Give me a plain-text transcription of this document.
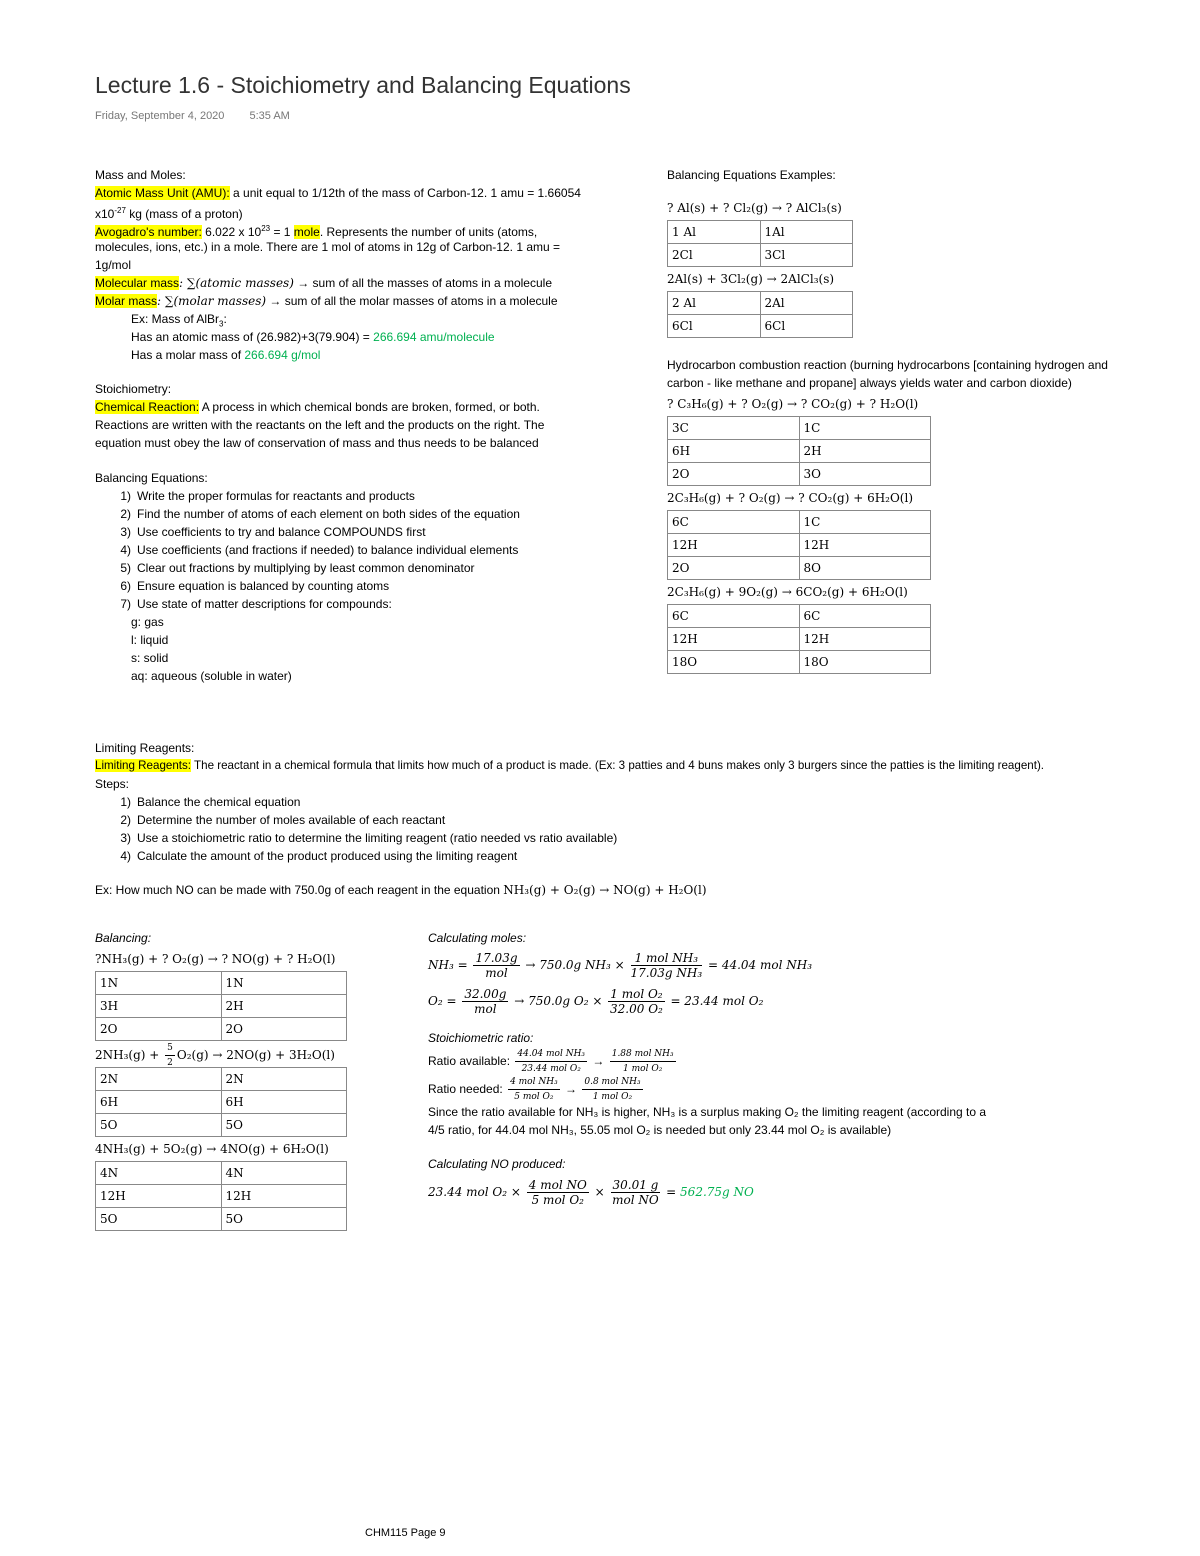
Lecture 1.6 - Stoichiometry and Balancing Equations
Friday, September 4, 2020 5:35 AM
Mass and Moles:
Atomic Mass Unit (AMU): a unit equal to 1/12th of the mass of Carbon-12. 1 amu = 1.66054
$x10^{-27}$ kg (mass of a proton)
Avogadro's number: 6.022 x $10^{23} = 1$ mole. Represents the number of units (atoms,
molecules, ions, etc.) in a mole. There are 1 mol of atoms in 12g of Carbon-12. 1 amu =
1g/mol
Molecular mass: ∑(atomic masses) → sum of all the masses of atoms in a molecule
Molar mass: ∑(molar masses) → sum of all the molar masses of atoms in a molecule
Ex: Mass of AlBr$_3$:
Has an atomic mass of (26.982)+3(79.904) = 266.694 amu/molecule
Has a molar mass of 266.694 g/mol
Stoichiometry:
Chemical Reaction: A process in which chemical bonds are broken, formed, or both.
Reactions are written with the reactants on the left and the products on the right. The
equation must obey the law of conservation of mass and thus needs to be balanced
Balancing Equations:
1) Write the proper formulas for reactants and products
2) Find the number of atoms of each element on both sides of the equation
3) Use coefficients to try and balance COMPOUNDS first
4) Use coefficients (and fractions if needed) to balance individual elements
5) Clear out fractions by multiplying by least common denominator
6) Ensure equation is balanced by counting atoms
7) Use state of matter descriptions for compounds:
g: gas
l: liquid
s: solid
aq: aqueous (soluble in water)
Balancing Equations Examples:
? Al(s) + ? Cl₂(g) → ? AlCl₃(s)
1 Al	1Al
2Cl	3Cl
2Al(s) + 3Cl₂(g) → 2AlCl₃(s)
2 Al	2Al
6Cl	6Cl
Hydrocarbon combustion reaction (burning hydrocarbons [containing hydrogen and
carbon - like methane and propane] always yields water and carbon dioxide)
? C₃H₆(g) + ? O₂(g) → ? CO₂(g) + ? H₂O(l)
3C	1C
6H	2H
2O	3O
2C₃H₆(g) + ? O₂(g) → ? CO₂(g) + 6H₂O(l)
6C	1C
12H	12H
2O	8O
2C₃H₆(g) + 9O₂(g) → 6CO₂(g) + 6H₂O(l)
6C	6C
12H	12H
18O	18O
Limiting Reagents:
Limiting Reagents: The reactant in a chemical formula that limits how much of a product is made. (Ex: 3 patties and 4 buns makes only 3 burgers since the patties is the limiting reagent).
Steps:
1) Balance the chemical equation
2) Determine the number of moles available of each reactant
3) Use a stoichiometric ratio to determine the limiting reagent (ratio needed vs ratio available)
4) Calculate the amount of the product produced using the limiting reagent
Ex: How much NO can be made with 750.0g of each reagent in the equation NH₃(g) + O₂(g) → NO(g) + H₂O(l)
Balancing:
?NH₃(g) + ? O₂(g) → ? NO(g) + ? H₂O(l)
1N	1N
3H	2H
2O	2O
$2NH_3(g) + \frac{5}{2} O_2(g) \to 2NO(g) + 3H_2O(l)$
2N	2N
6H	6H
5O	5O
4NH₃(g) + 5O₂(g) → 4NO(g) + 6H₂O(l)
4N	4N
12H	12H
5O	5O
Calculating moles:
$NH_3 = \frac{17.03g}{\text{mol}} \to 750.0g$ $NH_3 \times \frac{\text{1 mol NH₃}}{\text{17.03g NH₃}} = 44.04$ mol NH₃
$O_2 = \frac{32.00g}{\text{mol}} \to 750.0g$ $O_2 \times \frac{\text{1 mol O₂}}{\text{32.00 O₂}} = 23.44$ mol O₂
Stoichiometric ratio:
Ratio available: $\frac{\text{44.04 mol NH₃}}{\text{23.44 mol O₂}} \to \frac{\text{1.88 mol NH₃}}{\text{1 mol O₂}}$
Ratio needed: $\frac{\text{4 mol NH₃}}{\text{5 mol O₂}} \to \frac{\text{0.8 mol NH₃}}{\text{1 mol O₂}}$
Since the ratio available for NH₃ is higher, NH₃ is a surplus making O₂ the limiting reagent (according to a
4/5 ratio, for 44.04 mol NH₃, 55.05 mol O₂ is needed but only 23.44 mol O₂ is available)
Calculating NO produced:
23.44 mol $O_2 \times \frac{\text{4 mol NO}}{\text{5 mol O₂}} \times \frac{30.01 g}{\text{mol NO}} = 562.75g$ NO
CHM115 Page 9
